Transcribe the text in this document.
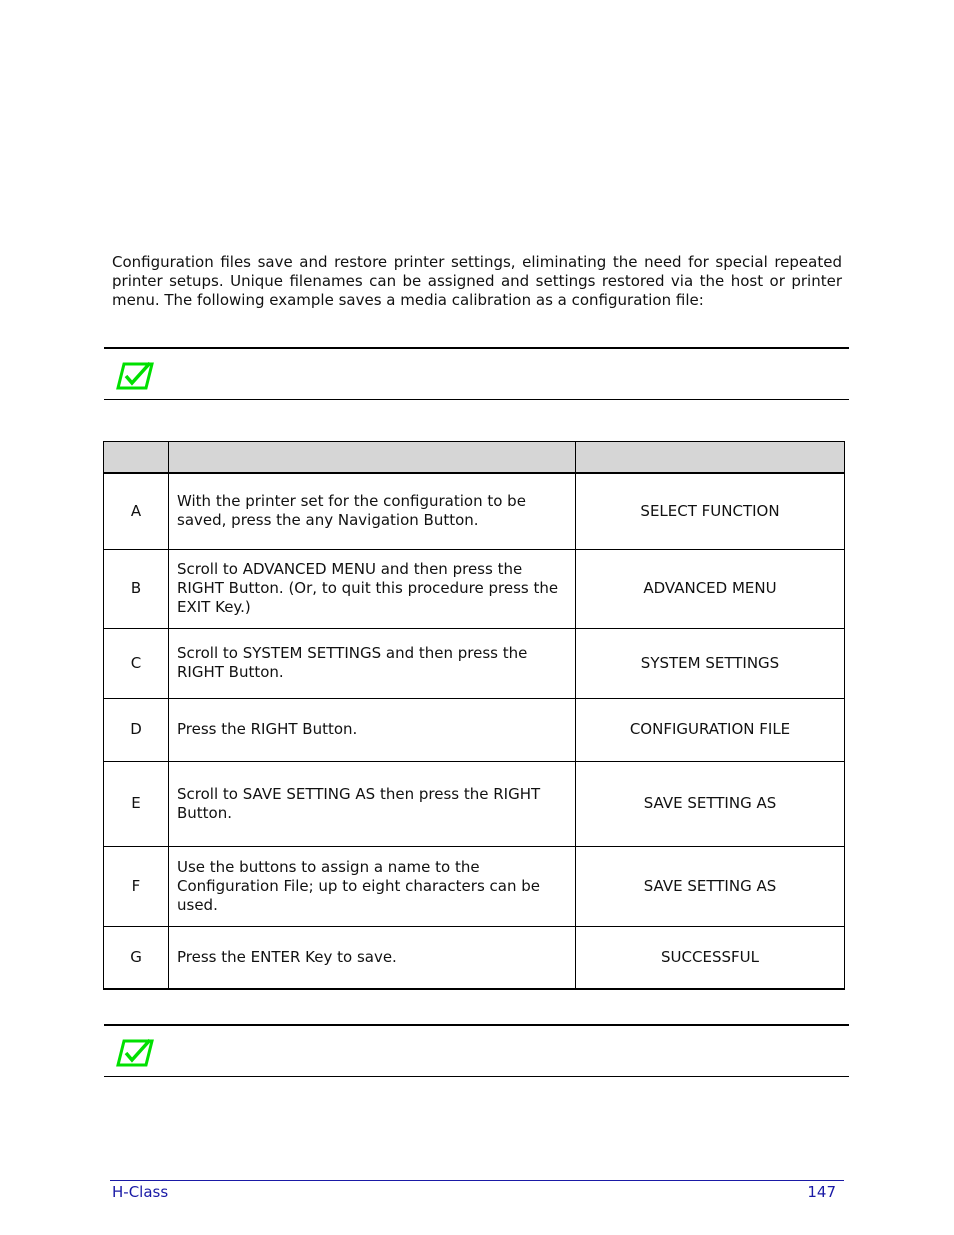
Configuration files save and restore printer settings, eliminating the need for special repeated printer setups. Unique filenames can be assigned and settings restored via the host or printer menu. The following example saves a media calibration as a configuration file:

A	With the printer set for the configuration to be saved, press the any Navigation Button.	SELECT FUNCTION
B	Scroll to ADVANCED MENU and then press the RIGHT Button. (Or, to quit this procedure press the EXIT Key.)	ADVANCED MENU
C	Scroll to SYSTEM SETTINGS and then press the RIGHT Button.	SYSTEM SETTINGS
D	Press the RIGHT Button.	CONFIGURATION FILE
E	Scroll to SAVE SETTING AS then press the RIGHT Button.	SAVE SETTING AS
F	Use the buttons to assign a name to the Configuration File; up to eight characters can be used.	SAVE SETTING AS
G	Press the ENTER Key to save.	SUCCESSFUL
H-Class	147
